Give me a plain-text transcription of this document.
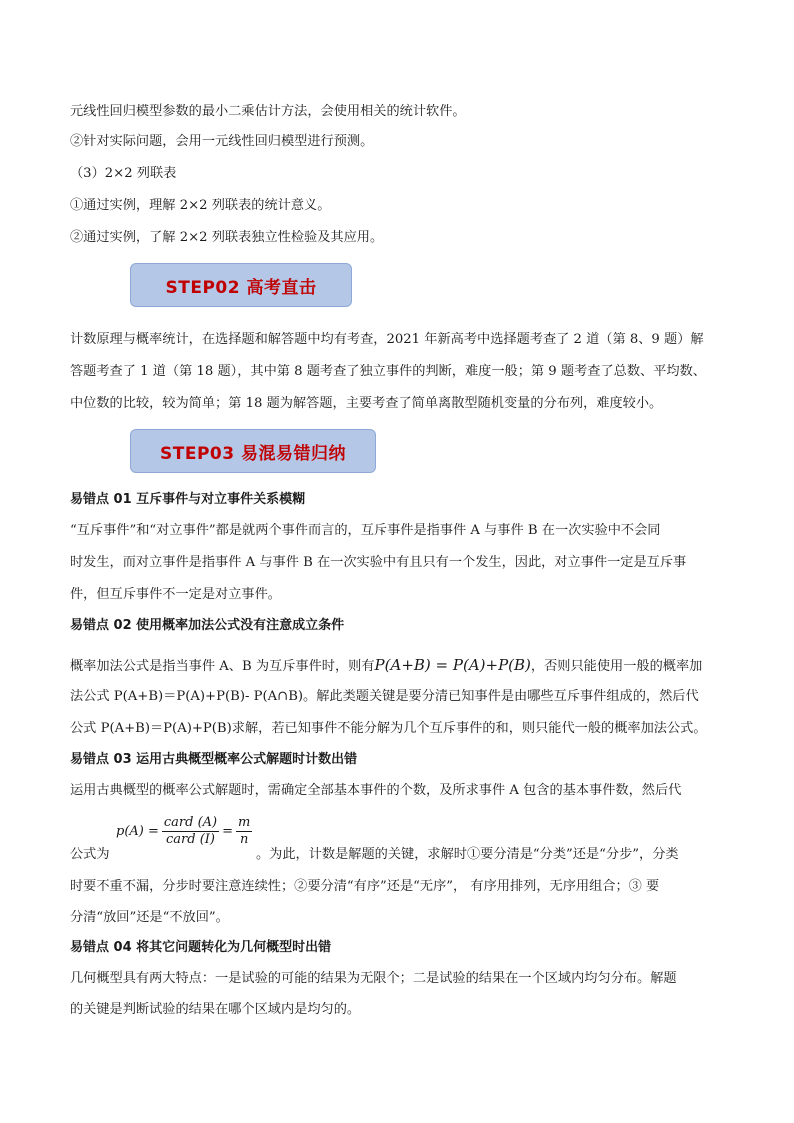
元线性回归模型参数的最小二乘估计方法，会使用相关的统计软件。
②针对实际问题，会用一元线性回归模型进行预测。
（3）2×2 列联表
①通过实例，理解 2×2 列联表的统计意义。
②通过实例，了解 2×2 列联表独立性检验及其应用。
STEP02 高考直击
计数原理与概率统计，在选择题和解答题中均有考查，2021 年新高考中选择题考查了 2 道（第 8、9 题）解
答题考查了 1 道（第 18 题），其中第 8 题考查了独立事件的判断，难度一般；第 9 题考查了总数、平均数、
中位数的比较，较为简单；第 18 题为解答题，主要考查了简单离散型随机变量的分布列，难度较小。
STEP03 易混易错归纳
易错点 01 互斥事件与对立事件关系模糊
“互斥事件”和“对立事件”都是就两个事件而言的，互斥事件是指事件 A 与事件 B 在一次实验中不会同
时发生，而对立事件是指事件 A 与事件 B 在一次实验中有且只有一个发生，因此，对立事件一定是互斥事
件，但互斥事件不一定是对立事件。
易错点 02 使用概率加法公式没有注意成立条件
概率加法公式是指当事件 A、B 为互斥事件时，则有P(A+B) = P(A)+P(B)，否则只能使用一般的概率加
法公式 P(A+B)＝P(A)+P(B)- P(A∩B)。解此类题关键是要分清已知事件是由哪些互斥事件组成的，然后代
公式 P(A+B)＝P(A)+P(B)求解，若已知事件不能分解为几个互斥事件的和，则只能代一般的概率加法公式。
易错点 03 运用古典概型概率公式解题时计数出错
运用古典概型的概率公式解题时，需确定全部基本事件的个数，及所求事件 A 包含的基本事件数，然后代
公式为
$p(A) = \frac{\text{card (A)}}{\text{card (I)}} = \frac{m}{n}$
。为此，计数是解题的关键，求解时①要分清是“分类”还是“分步”，分类
时要不重不漏，分步时要注意连续性；②要分清“有序”还是“无序”， 有序用排列，无序用组合；③ 要
分清“放回”还是“不放回”。
易错点 04 将其它问题转化为几何概型时出错
几何概型具有两大特点：一是试验的可能的结果为无限个；二是试验的结果在一个区域内均匀分布。解题
的关键是判断试验的结果在哪个区域内是均匀的。
